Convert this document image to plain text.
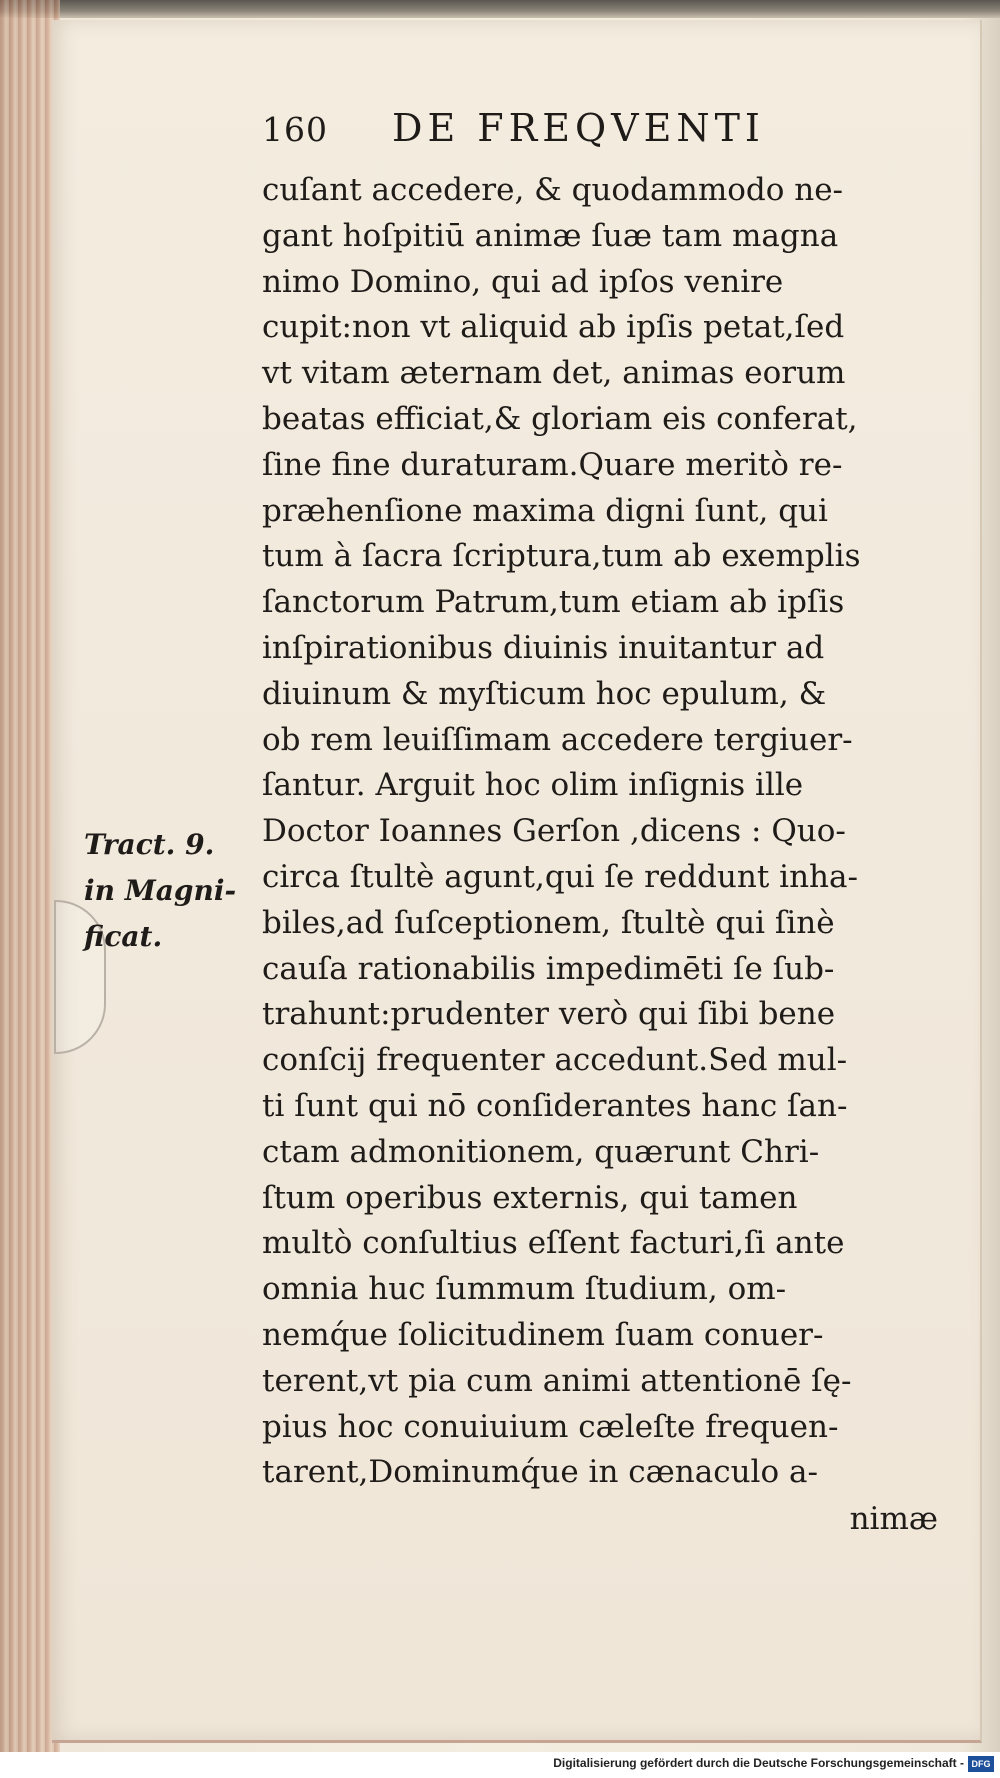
Tract. 9.
in Magni-
ficat.
160 DE FREQVENTI
cuſant accedere, & quodammodo ne-
gant hoſpitiū animæ ſuæ tam magna
nimo Domino, qui ad ipſos venire
cupit:non vt aliquid ab ipſis petat,ſed
vt vitam æternam det, animas eorum
beatas efficiat,& gloriam eis conferat,
ſine fine duraturam.Quare meritò re-
præhenſione maxima digni ſunt, qui
tum à ſacra ſcriptura,tum ab exemplis
ſanctorum Patrum,tum etiam ab ipſis
inſpirationibus diuinis inuitantur ad
diuinum & myſticum hoc epulum, &
ob rem leuiſſimam accedere tergiuer-
ſantur. Arguit hoc olim inſignis ille
Doctor Ioannes Gerſon ,dicens : Quo-
circa ſtultè agunt,qui ſe reddunt inha-
biles,ad ſuſceptionem, ſtultè qui ſinè
cauſa rationabilis impedimēti ſe ſub-
trahunt:prudenter verò qui ſibi bene
conſcij frequenter accedunt.Sed mul-
ti ſunt qui nō conſiderantes hanc ſan-
ctam admonitionem, quærunt Chri-
ſtum operibus externis, qui tamen
multò conſultius eſſent facturi,ſi ante
omnia huc ſummum ſtudium, om-
nemq́ue ſolicitudinem ſuam conuer-
terent,vt pia cum animi attentionē ſę-
pius hoc conuiuium cæleſte frequen-
tarent,Dominumq́ue in cænaculo a-
nimæ
Digitalisierung gefördert durch die Deutsche Forschungsgemeinschaft - DFG
